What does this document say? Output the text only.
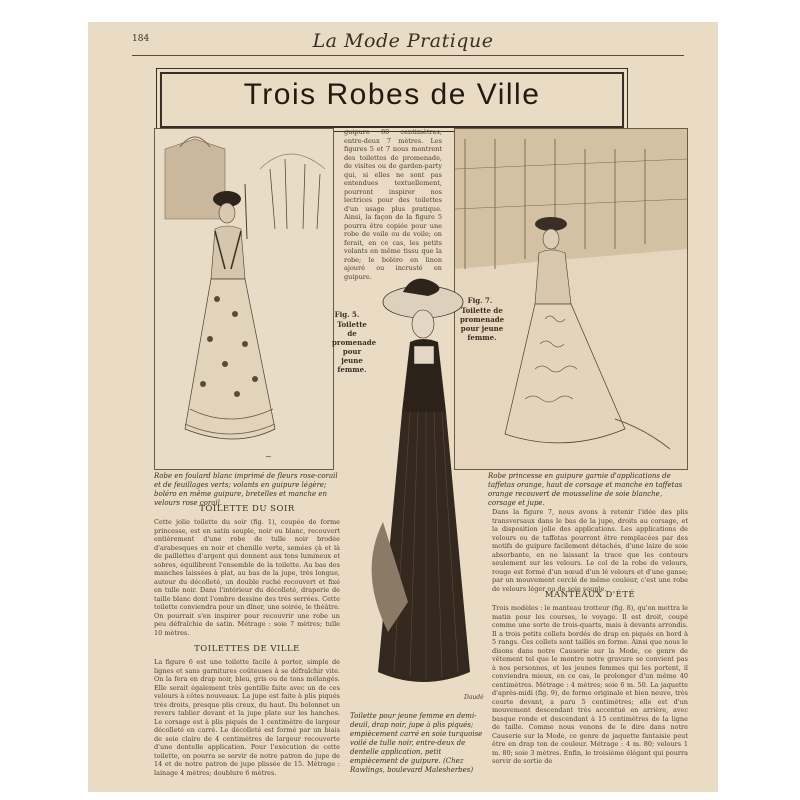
184	La Mode Pratique
Trois Robes de Ville
~
Robe en foulard blanc imprimé de fleurs rose-corail et de feuillages verts; volants en guipure légère; boléro en même guipure, bretelles et manche en velours rose corail.
guipure 80 centimètres; entre-deux 7 mètres. Les figures 5 et 7 nous montrent des toilettes de promenade, de visites ou de garden-party qui, si elles ne sont pas entendues textuellement, pourront inspirer nos lectrices pour des toilettes d'un usage plus pratique. Ainsi, la façon de la figure 5 pourra être copiée pour une robe de voile ou de voile; on ferait, en ce cas, les petits volants en même tissu que la robe; le boléro en linon ajouré ou incrusté en guipure.
Robe princesse en guipure garnie d'applications de taffetas orange, haut de corsage et manche en taffetas orange recouvert de mousseline de soie blanche, corsage et jupe.
Fig. 7.
Toilette de promenade pour jeune femme.
Fig. 5.
Toilette de promenade pour jeune femme.
Toilette pour jeune femme en demi-deuil, drap noir, jupe à plis piqués; empiècement carré en soie turquoise voilé de tulle noir, entre-deux de dentelle application, petit empiècement de guipure. (Chez Rawlings, boulevard Malesherbes)
Daudé
TOILETTE DU SOIR
Cette jolie toilette du soir (fig. 1), coupée de forme princesse, est en satin souple, noir ou blanc, recouvert entièrement d'une robe de tulle noir brodée d'arabesques en noir et chenille verte, semées çà et là de paillettes d'argent qui donnent aux tons lumineux et sobres, équilibrent l'ensemble de la toilette. Au bas des manches laissées à plat, au bas de la jupe, très longue, autour du décolleté, un double ruché recouvert et fixé en tulle noir. Dans l'intérieur du décolleté, draperie de taille blanc dont l'ombre dessine des très serrées. Cette toilette conviendra pour un dîner, une soirée, le théâtre. On pourrait s'en inspirer pour recouvrir une robe un peu défraîchie de satin. Métrage : soie 7 mètres; tulle 10 mètres.
TOILETTES DE VILLE
La figure 6 est une toilette facile à porter, simple de lignes et sans garnitures coûteuses à se défraîchir vite. On la fera en drap noir, bleu, gris ou de tons mélangés. Elle serait également très gentille faite avec un de ces velours à côtes nouveaux. La jupe est faite à plis piqués très droits, presque plis creux, du haut. Du bolonnet un revers tablier devant et la jupe plate sur les hanches. Le corsage est à plis piqués de 1 centimètre de largeur décolleté en carré. Le décolleté est formé par un biais de soie claire de 4 centimètres de largeur recouverte d'une dentelle application. Pour l'exécution de cette toilette, on pourra se servir de notre patron de jupe de 14 et de notre patron de jupe plissée de 15. Métrage : lainage 4 mètres; doublure 6 mètres.
Dans la figure 7, nous avons à retenir l'idée des plis transversaux dans le bas de la jupe, droits au corsage, et la disposition jolie des applications. Les applications de velours ou de taffetas pourront être remplacées par des motifs de guipure facilement détachés, d'une laize de soie absorbante, en ne laissant la trace que les contours seulement sur les velours. Le col de la robe de velours, rouge est formé d'un nœud d'un lé velours et d'une ganse; par un mouvement cerclé de même couleur, c'est une robe de velours léger ou de soie souple.
MANTEAUX D'ÉTÉ
Trois modèles : le manteau trotteur (fig. 8), qu'on mettra le matin pour les courses, le voyage. Il est droit, coupé comme une sorte de trois-quarts, mais à devants arrondis. Il a trois petits collets bordés de drap en piqués en bord à 5 rangs. Ces collets sont taillés en forme. Ainsi que nous le disons dans notre Causerie sur la Mode, ce genre de vêtement tel que le montre notre gravure se convient pas à nos personnes, et les jeunes femmes qui les portent, il conviendra mieux, en ce cas, le prolonger d'un même 40 centimètres. Métrage : 4 mètres; soie 6 m. 50. La jaquette d'après-midi (fig. 9), de forme originale et bien neuve, très courte devant, a paru 5 centimètres; elle est d'un mouvement descendant très accentué en arrière, avec basque ronde et descendant à 15 centimètres de la ligne de taille. Comme nous venons de le dire dans notre Causerie sur la Mode, ce genre de jaquette fantaisie peut être en drap ton de couleur. Métrage : 4 m. 80; velours 1 m. 80; soie 3 mètres. Enfin, le troisième élégant qui pourra servir de sortie de
